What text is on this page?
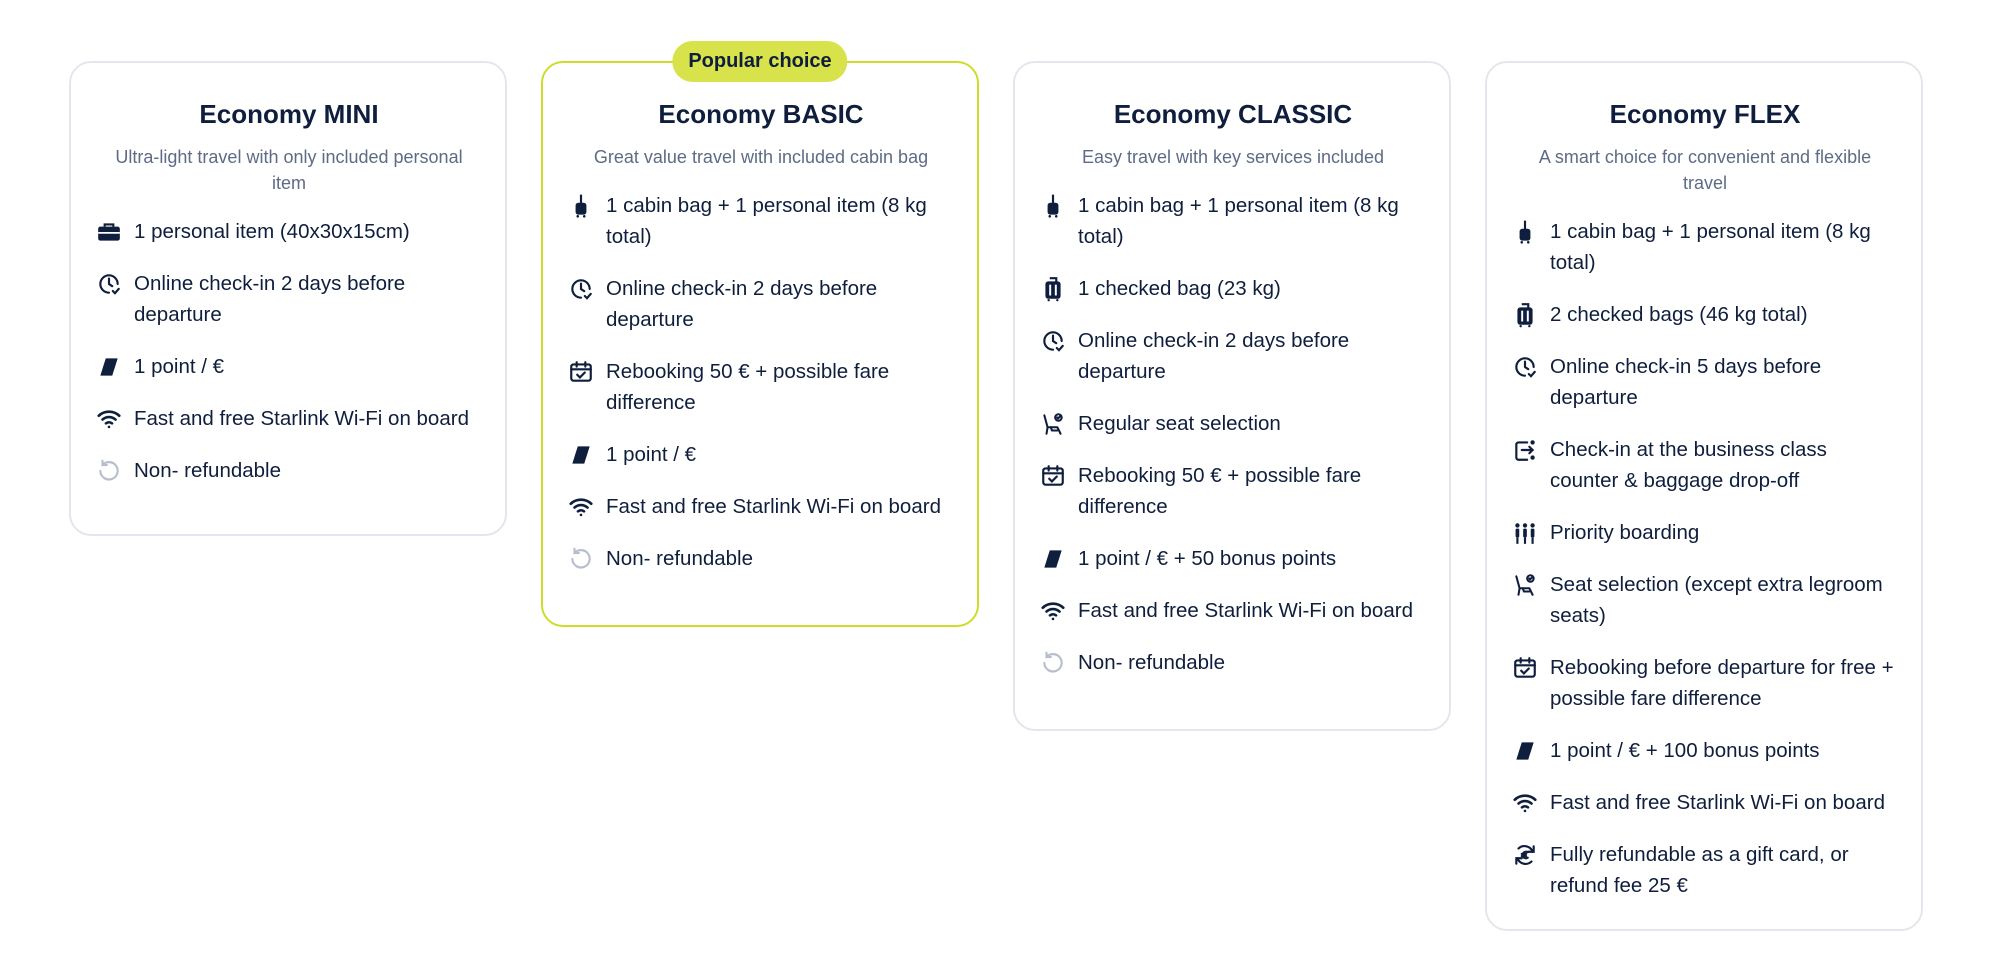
Economy MINI
Ultra-light travel with only included personal item
1 personal item (40x30x15cm)
Online check-in 2 days before departure
1 point / €
Fast and free Starlink Wi-Fi on board
Non- refundable
Popular choice
Economy BASIC
Great value travel with included cabin bag
1 cabin bag + 1 personal item (8 kg total)
Online check-in 2 days before departure
Rebooking 50 € + possible fare difference
1 point / €
Fast and free Starlink Wi-Fi on board
Non- refundable
Economy CLASSIC
Easy travel with key services included
1 cabin bag + 1 personal item (8 kg total)
1 checked bag (23 kg)
Online check-in 2 days before departure
Regular seat selection
Rebooking 50 € + possible fare difference
1 point / € + 50 bonus points
Fast and free Starlink Wi-Fi on board
Non- refundable
Economy FLEX
A smart choice for convenient and flexible travel
1 cabin bag + 1 personal item (8 kg total)
2 checked bags (46 kg total)
Online check-in 5 days before departure
Check-in at the business class counter & baggage drop-off
Priority boarding
Seat selection (except extra legroom seats)
Rebooking before departure for free + possible fare difference
1 point / € + 100 bonus points
Fast and free Starlink Wi-Fi on board
Fully refundable as a gift card, or refund fee 25 €
